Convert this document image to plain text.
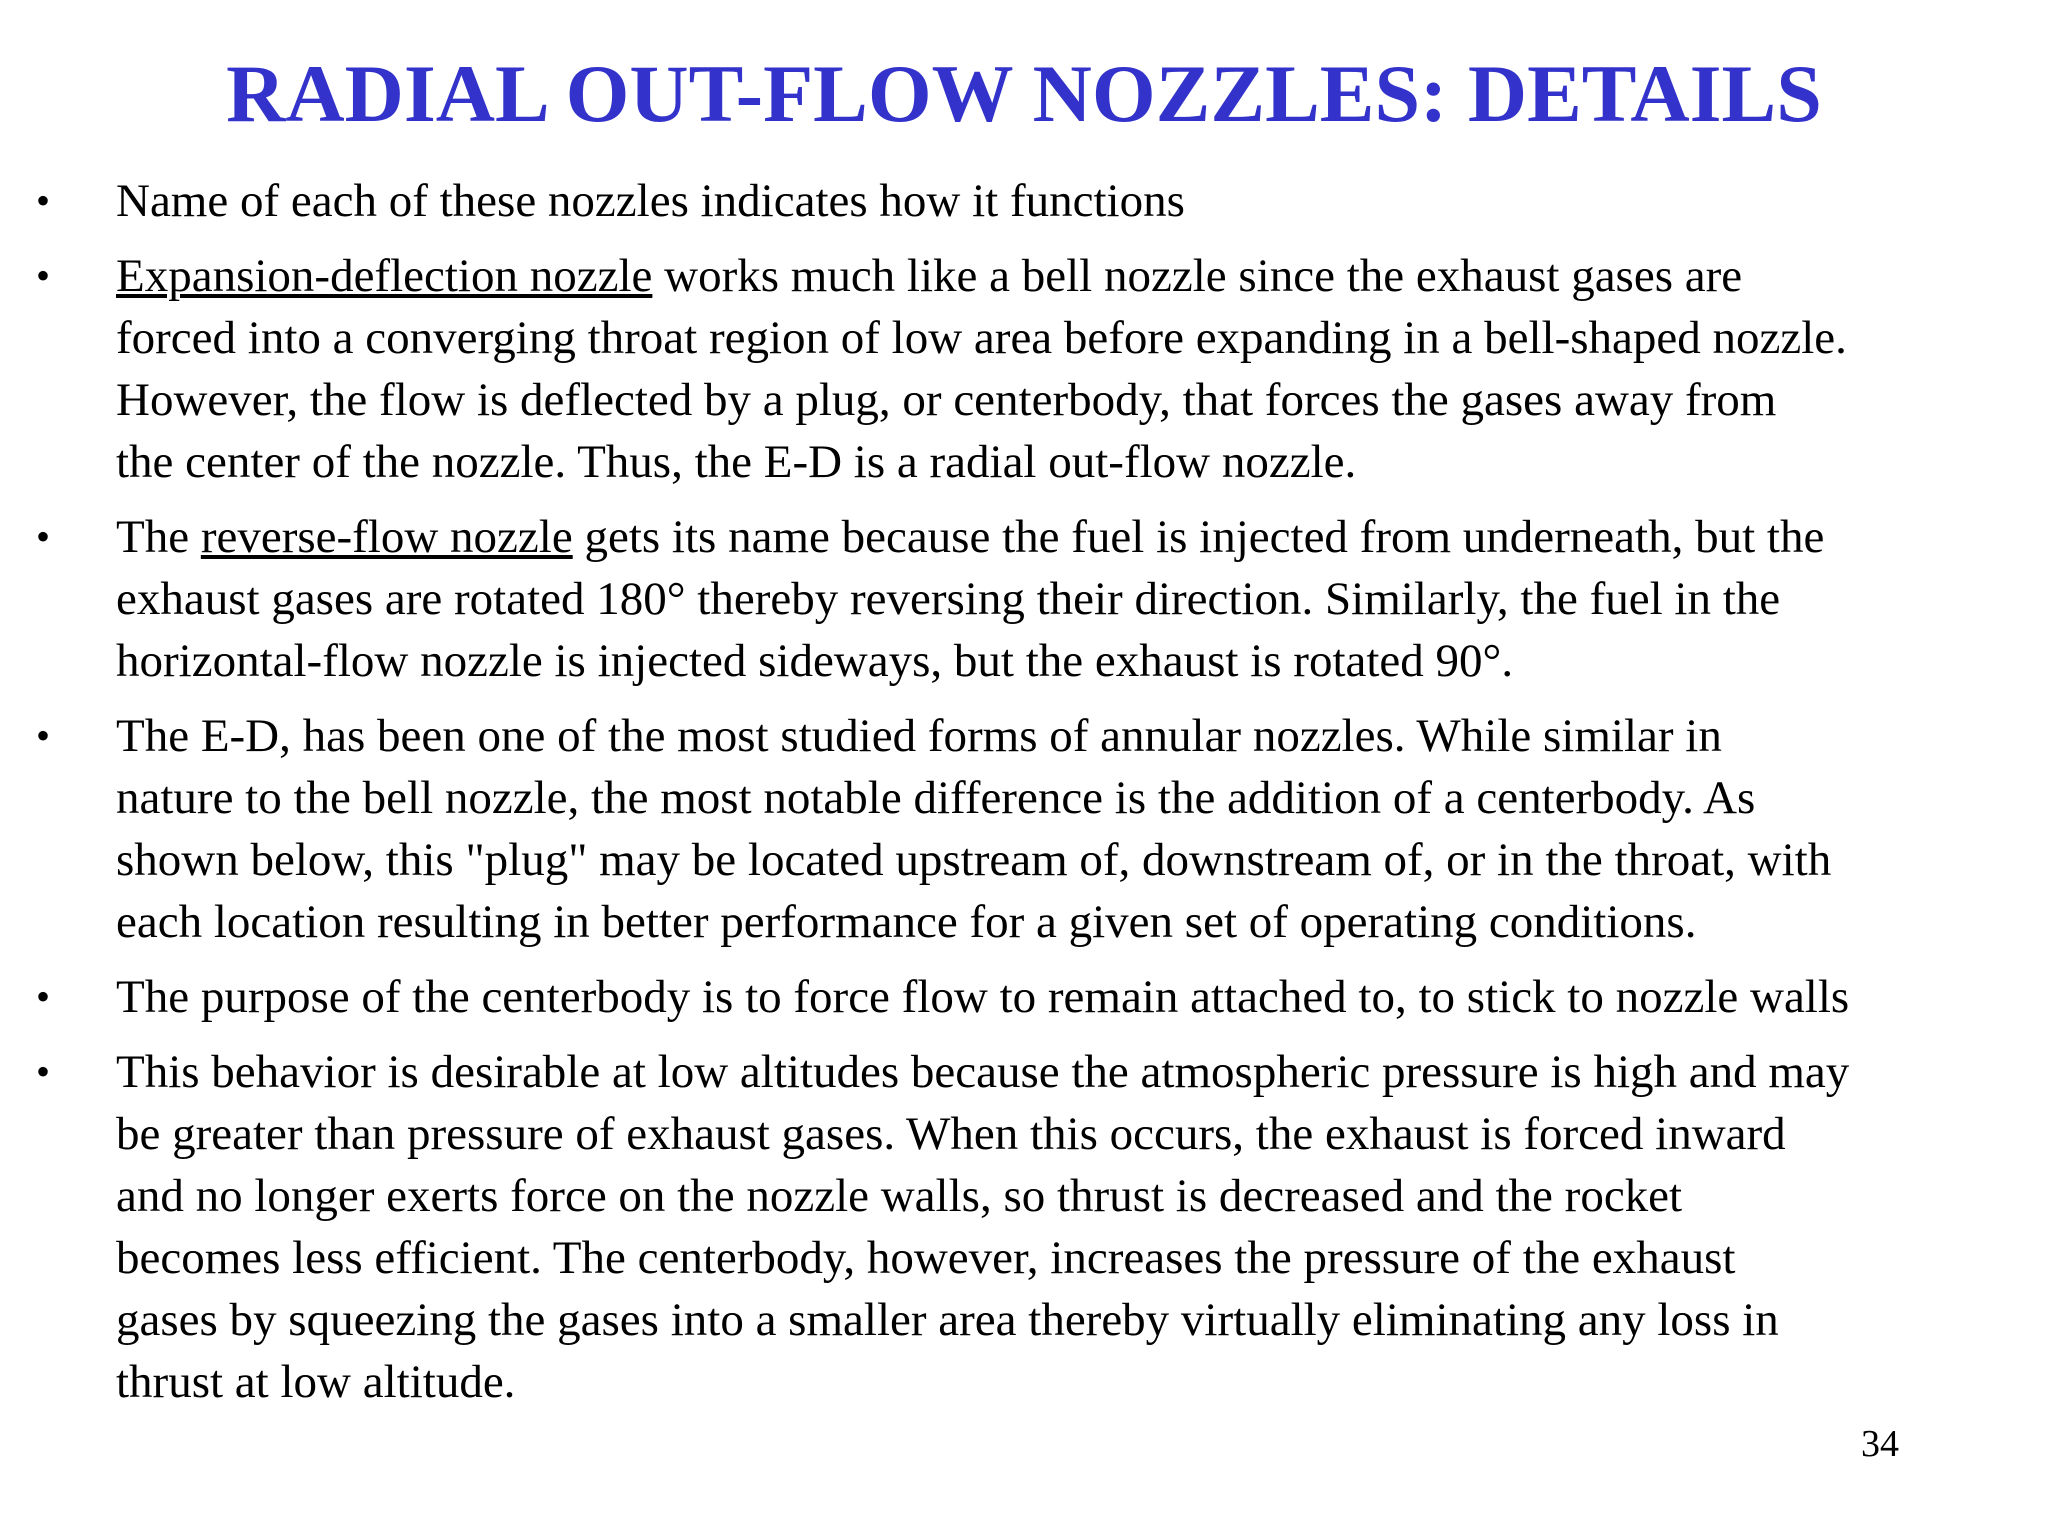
RADIAL OUT-FLOW NOZZLES: DETAILS
• Name of each of these nozzles indicates how it functions
• Expansion-deflection nozzle works much like a bell nozzle since the exhaust gases are
forced into a converging throat region of low area before expanding in a bell-shaped nozzle.
However, the flow is deflected by a plug, or centerbody, that forces the gases away from
the center of the nozzle. Thus, the E-D is a radial out-flow nozzle.
• The reverse-flow nozzle gets its name because the fuel is injected from underneath, but the
exhaust gases are rotated 180° thereby reversing their direction. Similarly, the fuel in the
horizontal-flow nozzle is injected sideways, but the exhaust is rotated 90°.
• The E-D, has been one of the most studied forms of annular nozzles. While similar in
nature to the bell nozzle, the most notable difference is the addition of a centerbody. As
shown below, this "plug" may be located upstream of, downstream of, or in the throat, with
each location resulting in better performance for a given set of operating conditions.
• The purpose of the centerbody is to force flow to remain attached to, to stick to nozzle walls
• This behavior is desirable at low altitudes because the atmospheric pressure is high and may
be greater than pressure of exhaust gases. When this occurs, the exhaust is forced inward
and no longer exerts force on the nozzle walls, so thrust is decreased and the rocket
becomes less efficient. The centerbody, however, increases the pressure of the exhaust
gases by squeezing the gases into a smaller area thereby virtually eliminating any loss in
thrust at low altitude.
34
